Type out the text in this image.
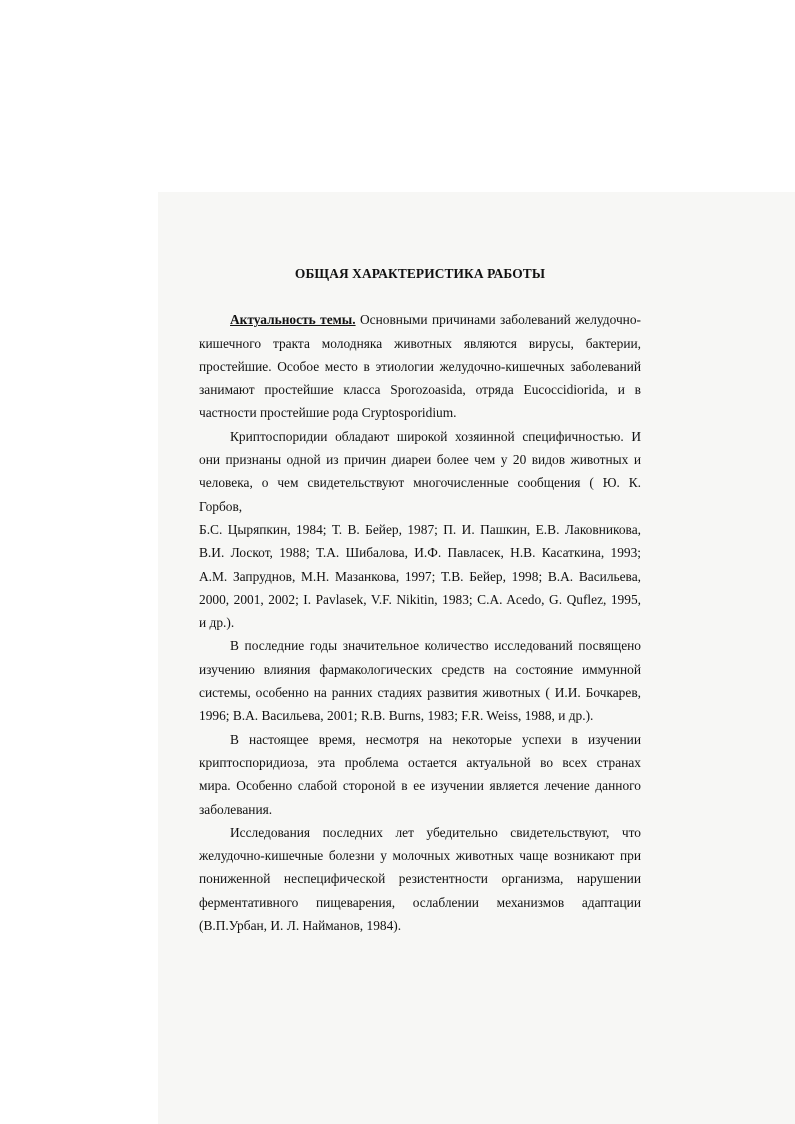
ОБЩАЯ ХАРАКТЕРИСТИКА РАБОТЫ

Актуальность темы. Основными причинами заболеваний желудочно-
кишечного тракта молодняка животных являются вирусы, бактерии,
простейшие. Особое место в этиологии желудочно-кишечных заболеваний
занимают простейшие класса Sporozoasida, отряда Eucoccidiorida, и в
частности простейшие рода Cryptosporidium.

Криптоспоридии обладают широкой хозяинной специфичностью. И
они признаны одной из причин диареи более чем у 20 видов животных и
человека, о чем свидетельствуют многочисленные сообщения ( Ю. К.
Горбов,
Б.С. Цыряпкин, 1984; Т. В. Бейер, 1987; П. И. Пашкин, Е.В. Лаковникова,
В.И. Лоскот, 1988; Т.А. Шибалова, И.Ф. Павласек, Н.В. Касаткина, 1993;
А.М. Запруднов, М.Н. Мазанкова, 1997; Т.В. Бейер, 1998; В.А. Васильева,
2000, 2001, 2002; I. Pavlasek, V.F. Nikitin, 1983; C.A. Acedo, G. Quflez, 1995,
и др.).

В последние годы значительное количество исследований посвящено
изучению влияния фармакологических средств на состояние иммунной
системы, особенно на ранних стадиях развития животных ( И.И. Бочкарев,
1996; В.А. Васильева, 2001; R.B. Burns, 1983; F.R. Weiss, 1988, и др.).

В настоящее время, несмотря на некоторые успехи в изучении
криптоспоридиоза, эта проблема остается актуальной во всех странах
мира. Особенно слабой стороной в ее изучении является лечение данного
заболевания.

Исследования последних лет убедительно свидетельствуют, что
желудочно-кишечные болезни у молочных животных чаще возникают при
пониженной неспецифической резистентности организма, нарушении
ферментативного пищеварения, ослаблении механизмов адаптации
(В.П.Урбан, И. Л. Найманов, 1984).
